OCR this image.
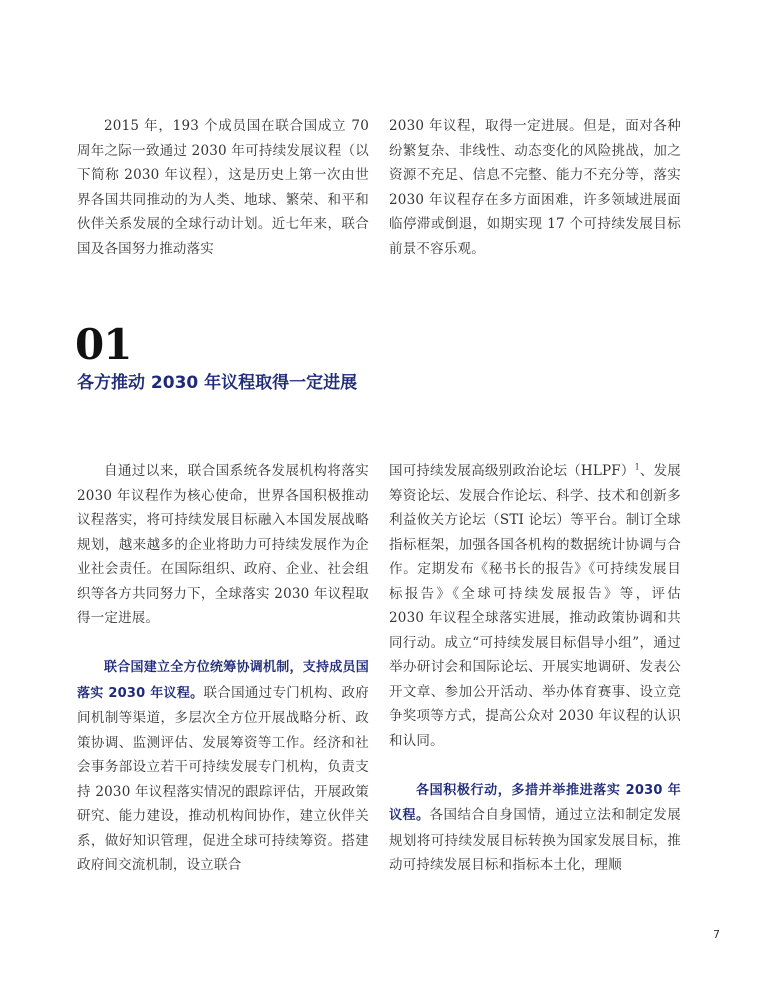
2015 年，193 个成员国在联合国成立 70 周年之际一致通过 2030 年可持续发展议程（以下简称 2030 年议程），这是历史上第一次由世界各国共同推动的为人类、地球、繁荣、和平和伙伴关系发展的全球行动计划。近七年来，联合国及各国努力推动落实

2030 年议程，取得一定进展。但是，面对各种纷繁复杂、非线性、动态变化的风险挑战，加之资源不充足、信息不完整、能力不充分等，落实 2030 年议程存在多方面困难，许多领域进展面临停滞或倒退，如期实现 17 个可持续发展目标前景不容乐观。

01
各方推动 2030 年议程取得一定进展

自通过以来，联合国系统各发展机构将落实 2030 年议程作为核心使命，世界各国积极推动议程落实，将可持续发展目标融入本国发展战略规划，越来越多的企业将助力可持续发展作为企业社会责任。在国际组织、政府、企业、社会组织等各方共同努力下，全球落实 2030 年议程取得一定进展。

联合国建立全方位统筹协调机制，支持成员国落实 2030 年议程。联合国通过专门机构、政府间机制等渠道，多层次全方位开展战略分析、政策协调、监测评估、发展筹资等工作。经济和社会事务部设立若干可持续发展专门机构，负责支持 2030 年议程落实情况的跟踪评估，开展政策研究、能力建设，推动机构间协作，建立伙伴关系，做好知识管理，促进全球可持续筹资。搭建政府间交流机制，设立联合

国可持续发展高级别政治论坛（HLPF）$^1$、发展筹资论坛、发展合作论坛、科学、技术和创新多利益攸关方论坛（STI 论坛）等平台。制订全球指标框架，加强各国各机构的数据统计协调与合作。定期发布《秘书长的报告》《可持续发展目标报告》《全球可持续发展报告》等，评估 2030 年议程全球落实进展，推动政策协调和共同行动。成立“可持续发展目标倡导小组”，通过举办研讨会和国际论坛、开展实地调研、发表公开文章、参加公开活动、举办体育赛事、设立竞争奖项等方式，提高公众对 2030 年议程的认识和认同。

各国积极行动，多措并举推进落实 2030 年议程。各国结合自身国情，通过立法和制定发展规划将可持续发展目标转换为国家发展目标，推动可持续发展目标和指标本土化，理顺

7
